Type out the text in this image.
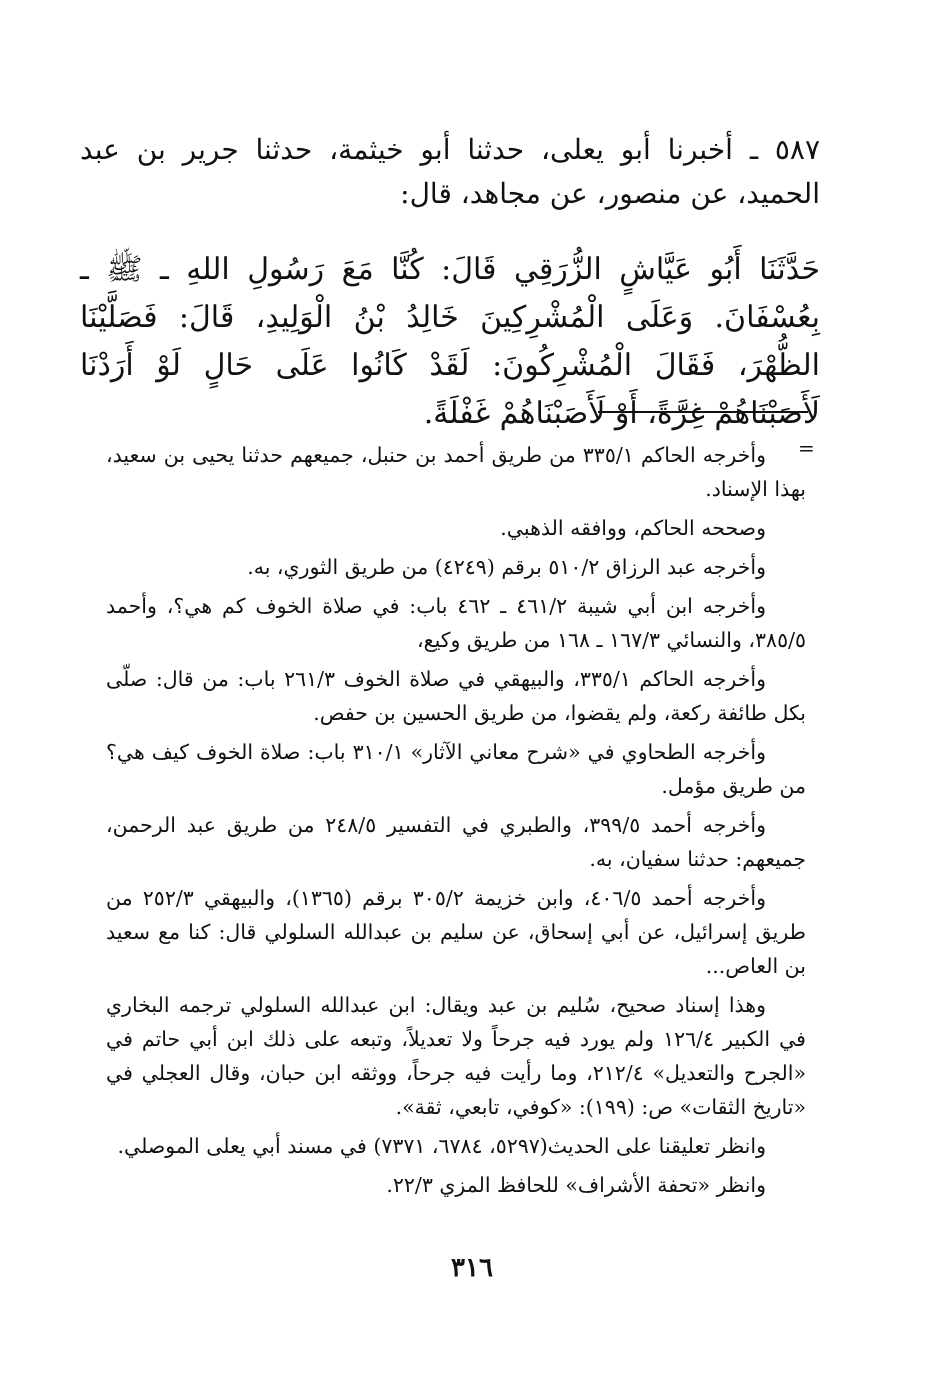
٥٨٧ ـ أخبرنا أبو يعلى، حدثنا أبو خيثمة، حدثنا جرير بن عبد الحميد، عن منصور، عن مجاهد، قال:

حَدَّثَنَا أَبُو عَيَّاشٍ الزُّرَقِي قَالَ: كُنَّا مَعَ رَسُولِ اللهِ ـ ﷺ ـ بِعُسْفَانَ. وَعَلَى الْمُشْرِكِينَ خَالِدُ بْنُ الْوَلِيدِ، قَالَ: فَصَلَّيْنَا الظُّهْرَ، فَقَالَ الْمُشْرِكُونَ: لَقَدْ كَانُوا عَلَى حَالٍ لَوْ أَرَدْنَا لَأَصَبْنَاهُمْ غِرَّةً، أَوْ لَأَصَبْنَاهُمْ غَفْلَةً.

=

وأخرجه الحاكم ٣٣٥/١ من طريق أحمد بن حنبل، جميعهم حدثنا يحيى بن سعيد، بهذا الإسناد.

وصححه الحاكم، ووافقه الذهبي.

وأخرجه عبد الرزاق ٥١٠/٢ برقم (٤٢٤٩) من طريق الثوري، به.

وأخرجه ابن أبي شيبة ٤٦١/٢ ـ ٤٦٢ باب: في صلاة الخوف كم هي؟، وأحمد ٣٨٥/٥، والنسائي ١٦٧/٣ ـ ١٦٨ من طريق وكيع،

وأخرجه الحاكم ٣٣٥/١، والبيهقي في صلاة الخوف ٢٦١/٣ باب: من قال: صلّى بكل طائفة ركعة، ولم يقضوا، من طريق الحسين بن حفص.

وأخرجه الطحاوي في «شرح معاني الآثار» ٣١٠/١ باب: صلاة الخوف كيف هي؟ من طريق مؤمل.

وأخرجه أحمد ٣٩٩/٥، والطبري في التفسير ٢٤٨/٥ من طريق عبد الرحمن، جميعهم: حدثنا سفيان، به.

وأخرجه أحمد ٤٠٦/٥، وابن خزيمة ٣٠٥/٢ برقم (١٣٦٥)، والبيهقي ٢٥٢/٣ من طريق إسرائيل، عن أبي إسحاق، عن سليم بن عبدالله السلولي قال: كنا مع سعيد بن العاص...

وهذا إسناد صحيح، سُليم بن عبد ويقال: ابن عبدالله السلولي ترجمه البخاري في الكبير ١٢٦/٤ ولم يورد فيه جرحاً ولا تعديلاً، وتبعه على ذلك ابن أبي حاتم في «الجرح والتعديل» ٢١٢/٤، وما رأيت فيه جرحاً، ووثقه ابن حبان، وقال العجلي في «تاريخ الثقات» ص: (١٩٩): «كوفي، تابعي، ثقة».

وانظر تعليقنا على الحديث(٥٢٩٧، ٦٧٨٤، ٧٣٧١) في مسند أبي يعلى الموصلي.

وانظر «تحفة الأشراف» للحافظ المزي ٢٢/٣.

٣١٦
